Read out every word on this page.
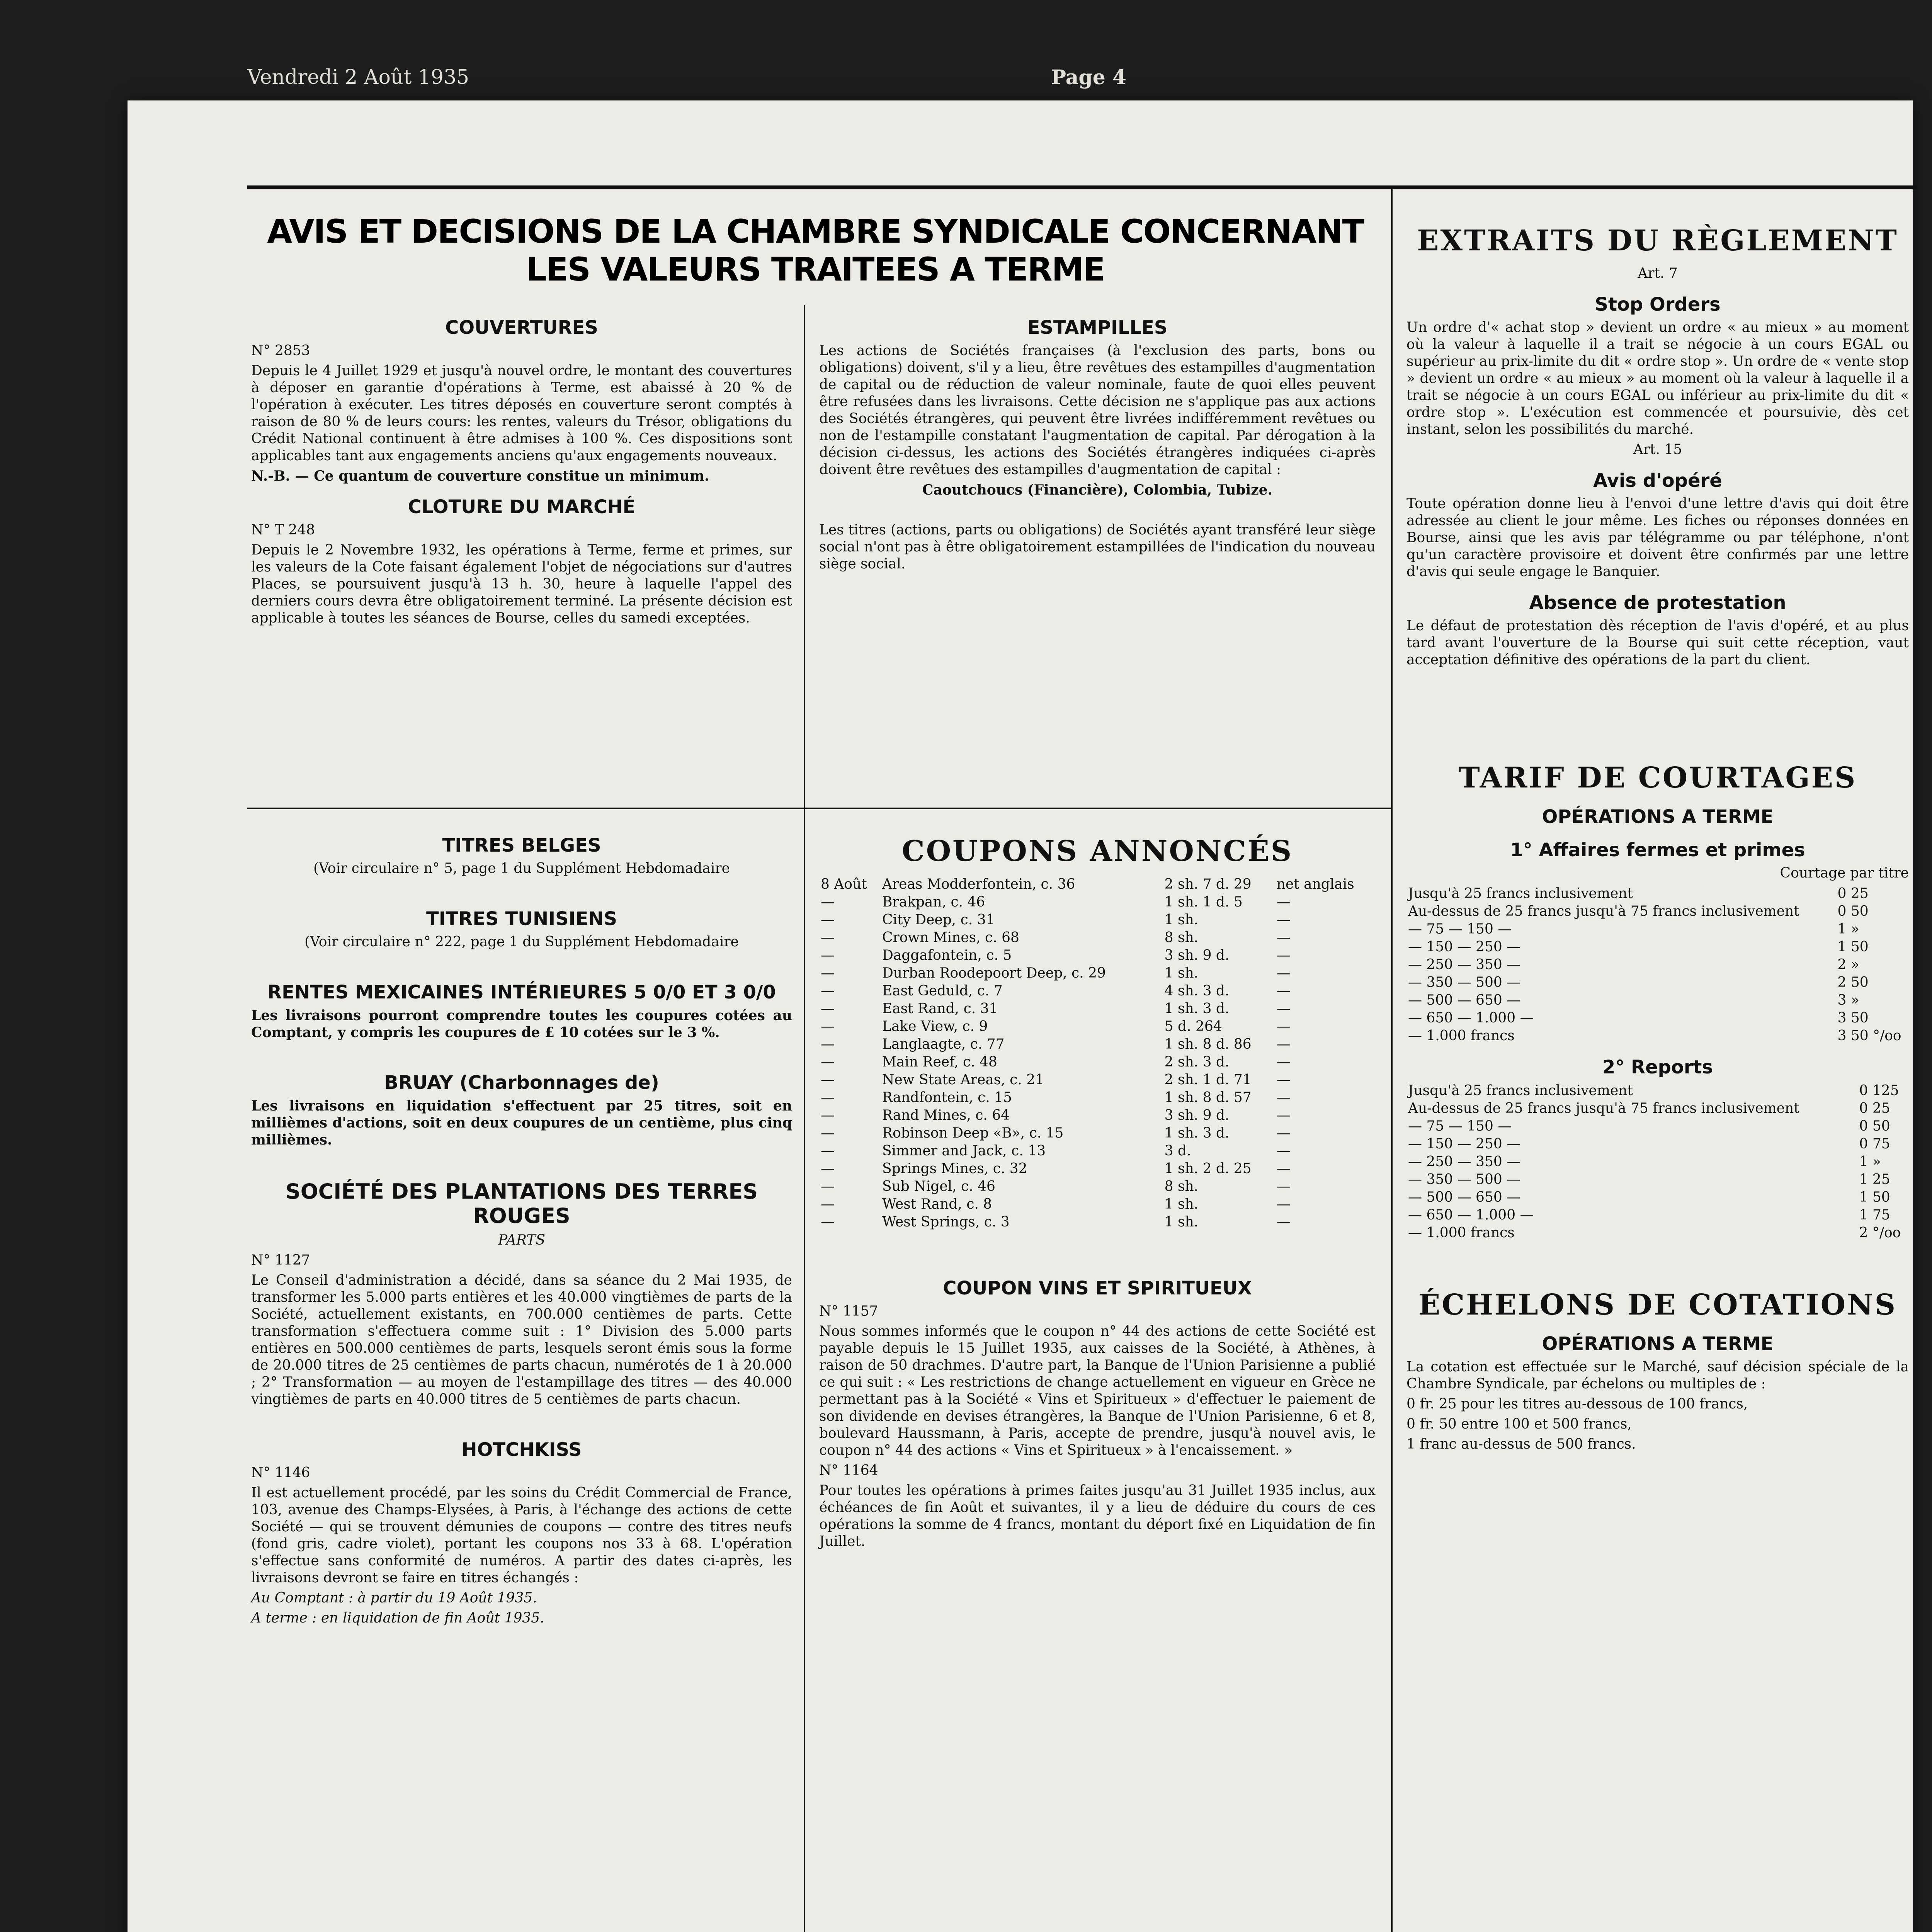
Vendredi 2 Août 1935	Page 4
AVIS ET DECISIONS DE LA CHAMBRE SYNDICALE CONCERNANT LES VALEURS TRAITEES A TERME
COUVERTURES

N° 2853

Depuis le 4 Juillet 1929 et jusqu'à nouvel ordre, le montant des couvertures à déposer en garantie d'opérations à Terme, est abaissé à 20 % de l'opération à exécuter. Les titres déposés en couverture seront comptés à raison de 80 % de leurs cours: les rentes, valeurs du Trésor, obligations du Crédit National continuent à être admises à 100 %. Ces dispositions sont applicables tant aux engagements anciens qu'aux engagements nouveaux.

N.-B. — Ce quantum de couverture constitue un minimum.

CLOTURE DU MARCHÉ

N° T 248

Depuis le 2 Novembre 1932, les opérations à Terme, ferme et primes, sur les valeurs de la Cote faisant également l'objet de négociations sur d'autres Places, se poursuivent jusqu'à 13 h. 30, heure à laquelle l'appel des derniers cours devra être obligatoirement terminé. La présente décision est applicable à toutes les séances de Bourse, celles du samedi exceptées.

ESTAMPILLES

Les actions de Sociétés françaises (à l'exclusion des parts, bons ou obligations) doivent, s'il y a lieu, être revêtues des estampilles d'augmentation de capital ou de réduction de valeur nominale, faute de quoi elles peuvent être refusées dans les livraisons. Cette décision ne s'applique pas aux actions des Sociétés étrangères, qui peuvent être livrées indifféremment revêtues ou non de l'estampille constatant l'augmentation de capital. Par dérogation à la décision ci-dessus, les actions des Sociétés étrangères indiquées ci-après doivent être revêtues des estampilles d'augmentation de capital :

Caoutchoucs (Financière), Colombia, Tubize.

Les titres (actions, parts ou obligations) de Sociétés ayant transféré leur siège social n'ont pas à être obligatoirement estampillées de l'indication du nouveau siège social.

TITRES BELGES

(Voir circulaire n° 5, page 1 du Supplément Hebdomadaire

TITRES TUNISIENS

(Voir circulaire n° 222, page 1 du Supplément Hebdomadaire

RENTES MEXICAINES INTÉRIEURES 5 0/0 ET 3 0/0

Les livraisons pourront comprendre toutes les coupures cotées au Comptant, y compris les coupures de £ 10 cotées sur le 3 %.

BRUAY (Charbonnages de)

Les livraisons en liquidation s'effectuent par 25 titres, soit en millièmes d'actions, soit en deux coupures de un centième, plus cinq millièmes.

SOCIÉTÉ DES PLANTATIONS DES TERRES ROUGES

PARTS

N° 1127

Le Conseil d'administration a décidé, dans sa séance du 2 Mai 1935, de transformer les 5.000 parts entières et les 40.000 vingtièmes de parts de la Société, actuellement existants, en 700.000 centièmes de parts. Cette transformation s'effectuera comme suit : 1° Division des 5.000 parts entières en 500.000 centièmes de parts, lesquels seront émis sous la forme de 20.000 titres de 25 centièmes de parts chacun, numérotés de 1 à 20.000 ; 2° Transformation — au moyen de l'estampillage des titres — des 40.000 vingtièmes de parts en 40.000 titres de 5 centièmes de parts chacun.

HOTCHKISS

N° 1146

Il est actuellement procédé, par les soins du Crédit Commercial de France, 103, avenue des Champs-Elysées, à Paris, à l'échange des actions de cette Société — qui se trouvent démunies de coupons — contre des titres neufs (fond gris, cadre violet), portant les coupons nos 33 à 68. L'opération s'effectue sans conformité de numéros. A partir des dates ci-après, les livraisons devront se faire en titres échangés :

Au Comptant : à partir du 19 Août 1935.

A terme : en liquidation de fin Août 1935.

COUPONS ANNONCÉS
8 Août	Areas Modderfontein, c. 36	2 sh. 7 d. 29	net anglais
—	Brakpan, c. 46	1 sh. 1 d. 5	—
—	City Deep, c. 31	1 sh.	—
—	Crown Mines, c. 68	8 sh.	—
—	Daggafontein, c. 5	3 sh. 9 d.	—
—	Durban Roodepoort Deep, c. 29	1 sh.	—
—	East Geduld, c. 7	4 sh. 3 d.	—
—	East Rand, c. 31	1 sh. 3 d.	—
—	Lake View, c. 9	5 d. 264	—
—	Langlaagte, c. 77	1 sh. 8 d. 86	—
—	Main Reef, c. 48	2 sh. 3 d.	—
—	New State Areas, c. 21	2 sh. 1 d. 71	—
—	Randfontein, c. 15	1 sh. 8 d. 57	—
—	Rand Mines, c. 64	3 sh. 9 d.	—
—	Robinson Deep «B», c. 15	1 sh. 3 d.	—
—	Simmer and Jack, c. 13	3 d.	—
—	Springs Mines, c. 32	1 sh. 2 d. 25	—
—	Sub Nigel, c. 46	8 sh.	—
—	West Rand, c. 8	1 sh.	—
—	West Springs, c. 3	1 sh.	—
COUPON VINS ET SPIRITUEUX

N° 1157

Nous sommes informés que le coupon n° 44 des actions de cette Société est payable depuis le 15 Juillet 1935, aux caisses de la Société, à Athènes, à raison de 50 drachmes. D'autre part, la Banque de l'Union Parisienne a publié ce qui suit : « Les restrictions de change actuellement en vigueur en Grèce ne permettant pas à la Société « Vins et Spiritueux » d'effectuer le paiement de son dividende en devises étrangères, la Banque de l'Union Parisienne, 6 et 8, boulevard Haussmann, à Paris, accepte de prendre, jusqu'à nouvel avis, le coupon n° 44 des actions « Vins et Spiritueux » à l'encaissement. »

N° 1164

Pour toutes les opérations à primes faites jusqu'au 31 Juillet 1935 inclus, aux échéances de fin Août et suivantes, il y a lieu de déduire du cours de ces opérations la somme de 4 francs, montant du déport fixé en Liquidation de fin Juillet.

EXTRAITS DU RÈGLEMENT

Art. 7

Stop Orders

Un ordre d'« achat stop » devient un ordre « au mieux » au moment où la valeur à laquelle il a trait se négocie à un cours EGAL ou supérieur au prix-limite du dit « ordre stop ». Un ordre de « vente stop » devient un ordre « au mieux » au moment où la valeur à laquelle il a trait se négocie à un cours EGAL ou inférieur au prix-limite du dit « ordre stop ». L'exécution est commencée et poursuivie, dès cet instant, selon les possibilités du marché.

Art. 15

Avis d'opéré

Toute opération donne lieu à l'envoi d'une lettre d'avis qui doit être adressée au client le jour même. Les fiches ou réponses données en Bourse, ainsi que les avis par télégramme ou par téléphone, n'ont qu'un caractère provisoire et doivent être confirmés par une lettre d'avis qui seule engage le Banquier.

Absence de protestation

Le défaut de protestation dès réception de l'avis d'opéré, et au plus tard avant l'ouverture de la Bourse qui suit cette réception, vaut acceptation définitive des opérations de la part du client.

TARIF DE COURTAGES
OPÉRATIONS A TERME
1° Affaires fermes et primes

Courtage par titre

Jusqu'à 25 francs inclusivement	0 25
Au-dessus de 25 francs jusqu'à 75 francs inclusivement	0 50
— 75 — 150 —	1 »
— 150 — 250 —	1 50
— 250 — 350 —	2 »
— 350 — 500 —	2 50
— 500 — 650 —	3 »
— 650 — 1.000 —	3 50
— 1.000 francs	3 50 °/oo
2° Reports
Jusqu'à 25 francs inclusivement	0 125
Au-dessus de 25 francs jusqu'à 75 francs inclusivement	0 25
— 75 — 150 —	0 50
— 150 — 250 —	0 75
— 250 — 350 —	1 »
— 350 — 500 —	1 25
— 500 — 650 —	1 50
— 650 — 1.000 —	1 75
— 1.000 francs	2 °/oo
ÉCHELONS DE COTATIONS
OPÉRATIONS A TERME

La cotation est effectuée sur le Marché, sauf décision spéciale de la Chambre Syndicale, par échelons ou multiples de :

0 fr. 25 pour les titres au-dessous de 100 francs,

0 fr. 50 entre 100 et 500 francs,

1 franc au-dessus de 500 francs.
